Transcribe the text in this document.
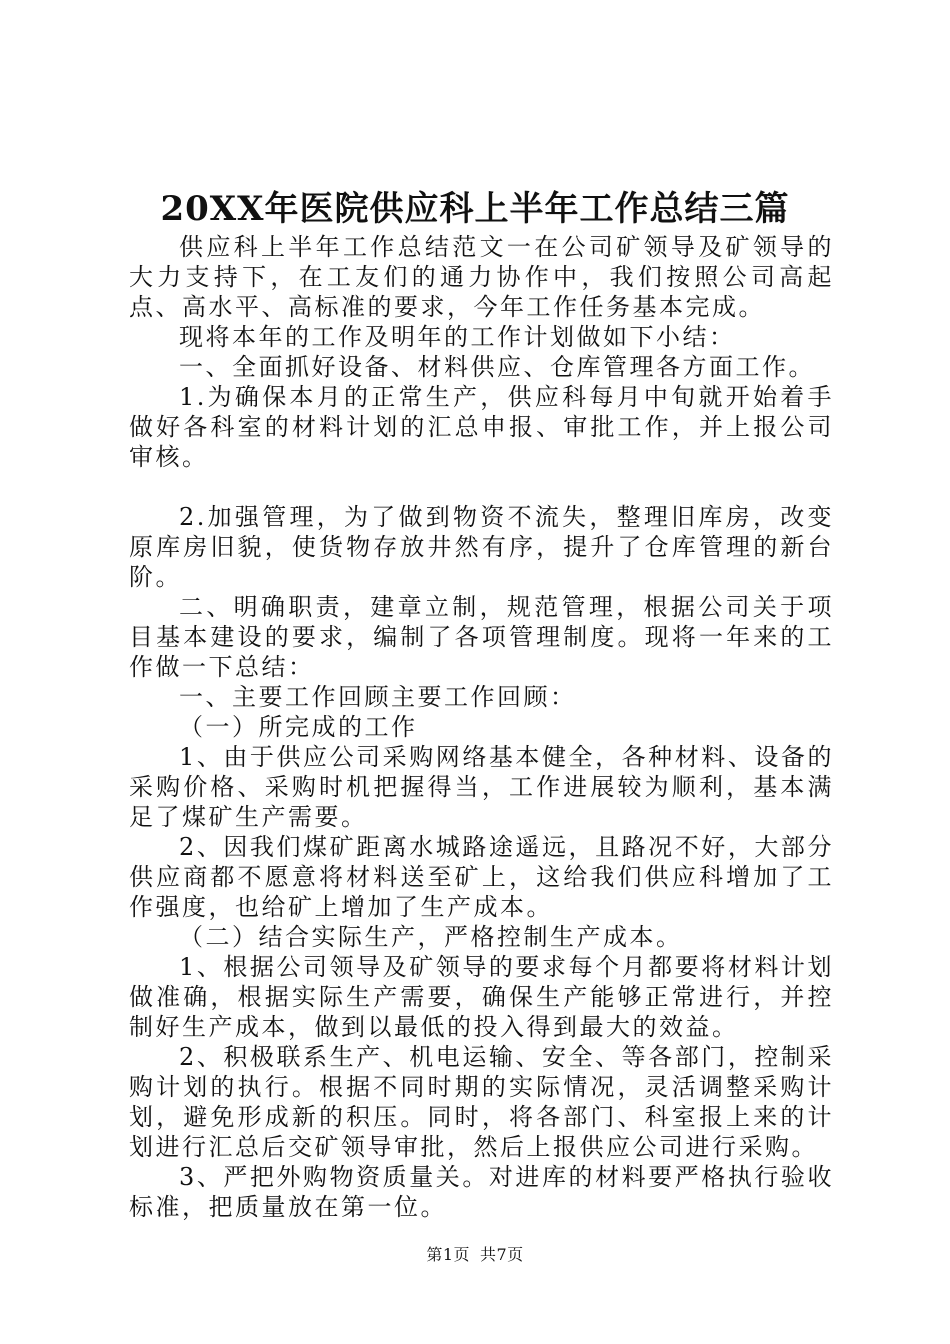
20XX年医院供应科上半年工作总结三篇

供应科上半年工作总结范文一在公司矿领导及矿领导的大力支持下，在工友们的通力协作中，我们按照公司高起点、高水平、高标准的要求，今年工作任务基本完成。

现将本年的工作及明年的工作计划做如下小结：

一、全面抓好设备、材料供应、仓库管理各方面工作。

1.为确保本月的正常生产，供应科每月中旬就开始着手做好各科室的材料计划的汇总申报、审批工作，并上报公司审核。

2.加强管理，为了做到物资不流失，整理旧库房，改变原库房旧貌，使货物存放井然有序，提升了仓库管理的新台阶。

二、明确职责，建章立制，规范管理，根据公司关于项目基本建设的要求，编制了各项管理制度。现将一年来的工作做一下总结：

一、主要工作回顾主要工作回顾：

（一）所完成的工作

1、由于供应公司采购网络基本健全，各种材料、设备的采购价格、采购时机把握得当，工作进展较为顺利，基本满足了煤矿生产需要。

2、因我们煤矿距离水城路途遥远，且路况不好，大部分供应商都不愿意将材料送至矿上，这给我们供应科增加了工作强度，也给矿上增加了生产成本。

（二）结合实际生产，严格控制生产成本。

1、根据公司领导及矿领导的要求每个月都要将材料计划做准确，根据实际生产需要，确保生产能够正常进行，并控制好生产成本，做到以最低的投入得到最大的效益。

2、积极联系生产、机电运输、安全、等各部门，控制采购计划的执行。根据不同时期的实际情况，灵活调整采购计划，避免形成新的积压。同时，将各部门、科室报上来的计划进行汇总后交矿领导审批，然后上报供应公司进行采购。

3、严把外购物资质量关。对进库的材料要严格执行验收标准，把质量放在第一位。

第1页 共7页
